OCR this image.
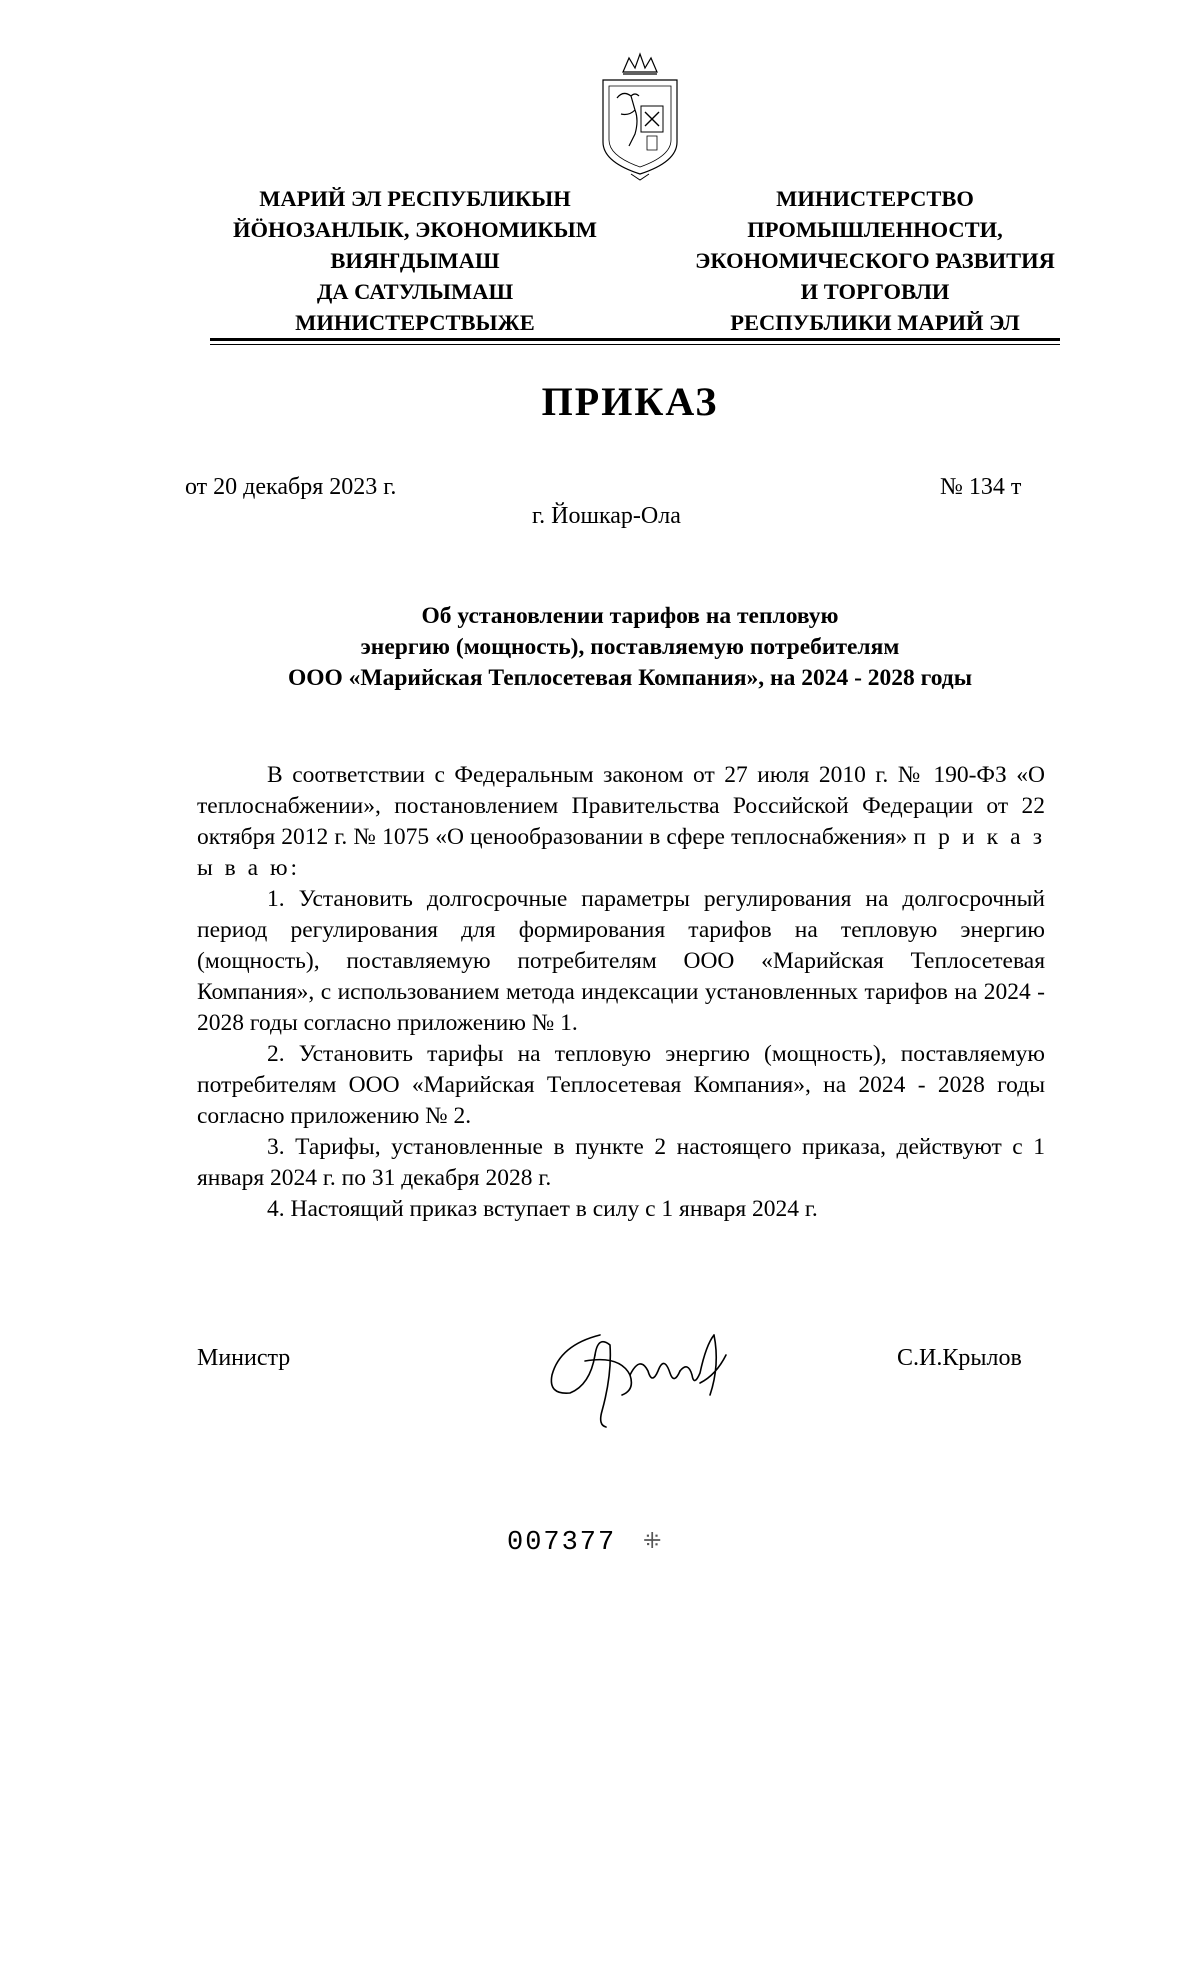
МАРИЙ ЭЛ РЕСПУБЛИКЫН
ЙӦНОЗАНЛЫК, ЭКОНОМИКЫМ
ВИЯҤДЫМАШ
ДА САТУЛЫМАШ
МИНИСТЕРСТВЫЖЕ
МИНИСТЕРСТВО
ПРОМЫШЛЕННОСТИ,
ЭКОНОМИЧЕСКОГО РАЗВИТИЯ
И ТОРГОВЛИ
РЕСПУБЛИКИ МАРИЙ ЭЛ
ПРИКАЗ
от 20 декабря 2023 г.	№ 134 т
г. Йошкар-Ола
Об установлении тарифов на тепловую
энергию (мощность), поставляемую потребителям
ООО «Марийская Теплосетевая Компания», на 2024 - 2028 годы

В соответствии с Федеральным законом от 27 июля 2010 г. № 190-ФЗ «О теплоснабжении», постановлением Правительства Российской Федерации от 22 октября 2012 г. № 1075 «О ценообразовании в сфере теплоснабжения» п р и к а з ы в а ю:

1. Установить долгосрочные параметры регулирования на долгосрочный период регулирования для формирования тарифов на тепловую энергию (мощность), поставляемую потребителям ООО «Марийская Теплосетевая Компания», с использованием метода индексации установленных тарифов на 2024 - 2028 годы согласно приложению № 1.

2. Установить тарифы на тепловую энергию (мощность), поставляемую потребителям ООО «Марийская Теплосетевая Компания», на 2024 - 2028 годы согласно приложению № 2.

3. Тарифы, установленные в пункте 2 настоящего приказа, действуют с 1 января 2024 г. по 31 декабря 2028 г.

4. Настоящий приказ вступает в силу с 1 января 2024 г.

Министр	С.И.Крылов
007377 ⁜
